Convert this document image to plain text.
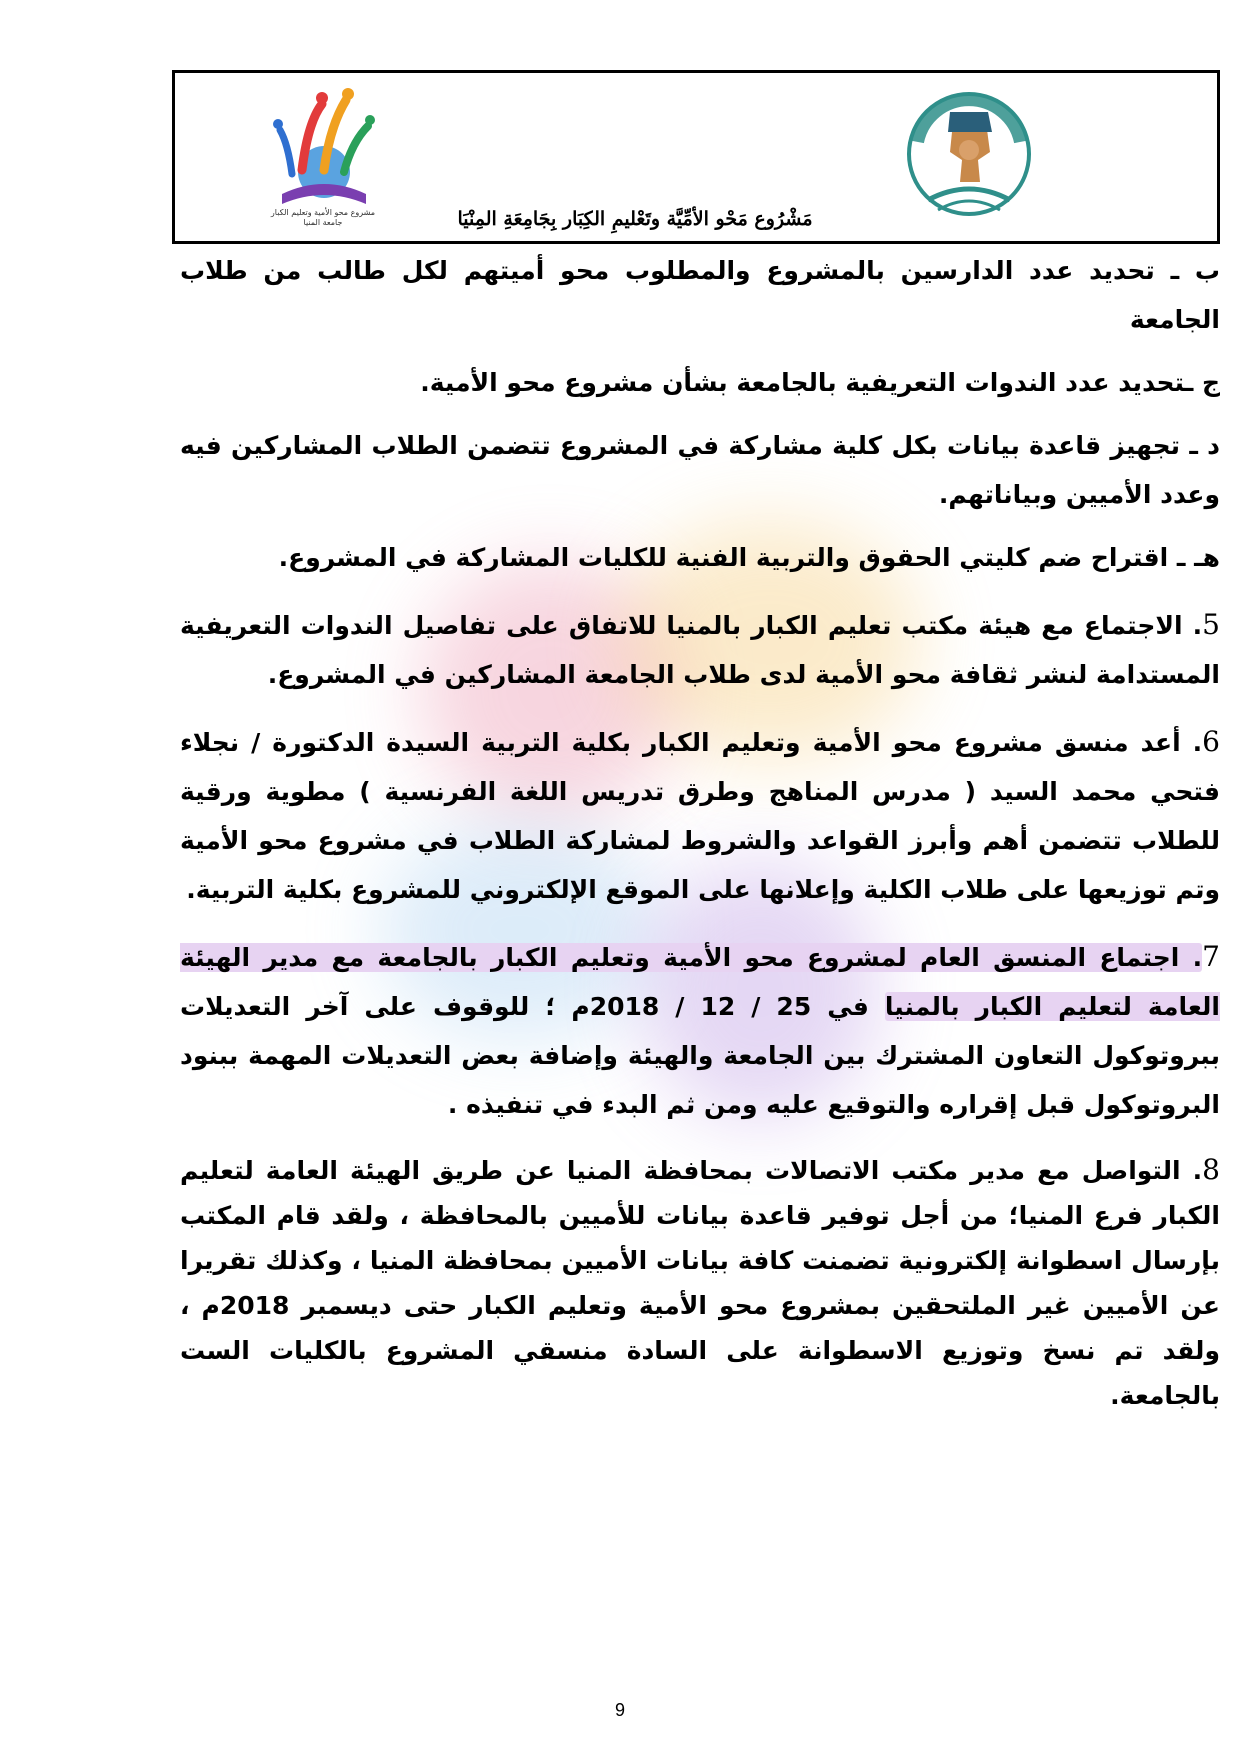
مشروع محو الأمية وتعليم الكبار
جامعة المنيا	مَشْرُوع مَحْو الأمِّيَّة وتَعْليمِ الكِبَار بِجَامِعَةِ المِنْيَا

ب ـ تحديد عدد الدارسين بالمشروع والمطلوب محو أميتهم لكل طالب من طلاب الجامعة

ج ـتحديد عدد الندوات التعريفية بالجامعة بشأن مشروع محو الأمية.

د ـ تجهيز قاعدة بيانات بكل كلية مشاركة في المشروع تتضمن الطلاب المشاركين فيه وعدد الأميين وبياناتهم.

هـ ـ اقتراح ضم كليتي الحقوق والتربية الفنية للكليات المشاركة في المشروع.

5. الاجتماع مع هيئة مكتب تعليم الكبار بالمنيا للاتفاق على تفاصيل الندوات التعريفية المستدامة لنشر ثقافة محو الأمية لدى طلاب الجامعة المشاركين في المشروع.

6. أعد منسق مشروع محو الأمية وتعليم الكبار بكلية التربية السيدة الدكتورة / نجلاء فتحي محمد السيد ( مدرس المناهج وطرق تدريس اللغة الفرنسية ) مطوية ورقية للطلاب تتضمن أهم وأبرز القواعد والشروط لمشاركة الطلاب في مشروع محو الأمية وتم توزيعها على طلاب الكلية وإعلانها على الموقع الإلكتروني للمشروع بكلية التربية.

7. اجتماع المنسق العام لمشروع محو الأمية وتعليم الكبار بالجامعة مع مدير الهيئة العامة لتعليم الكبار بالمنيا في 25 / 12 / 2018م ؛ للوقوف على آخر التعديلات ببروتوكول التعاون المشترك بين الجامعة والهيئة وإضافة بعض التعديلات المهمة ببنود البروتوكول قبل إقراره والتوقيع عليه ومن ثم البدء في تنفيذه .

8. التواصل مع مدير مكتب الاتصالات بمحافظة المنيا عن طريق الهيئة العامة لتعليم الكبار فرع المنيا؛ من أجل توفير قاعدة بيانات للأميين بالمحافظة ، ولقد قام المكتب بإرسال اسطوانة إلكترونية تضمنت كافة بيانات الأميين بمحافظة المنيا ، وكذلك تقريرا عن الأميين غير الملتحقين بمشروع محو الأمية وتعليم الكبار حتى ديسمبر 2018م ، ولقد تم نسخ وتوزيع الاسطوانة على السادة منسقي المشروع بالكليات الست بالجامعة.

9
